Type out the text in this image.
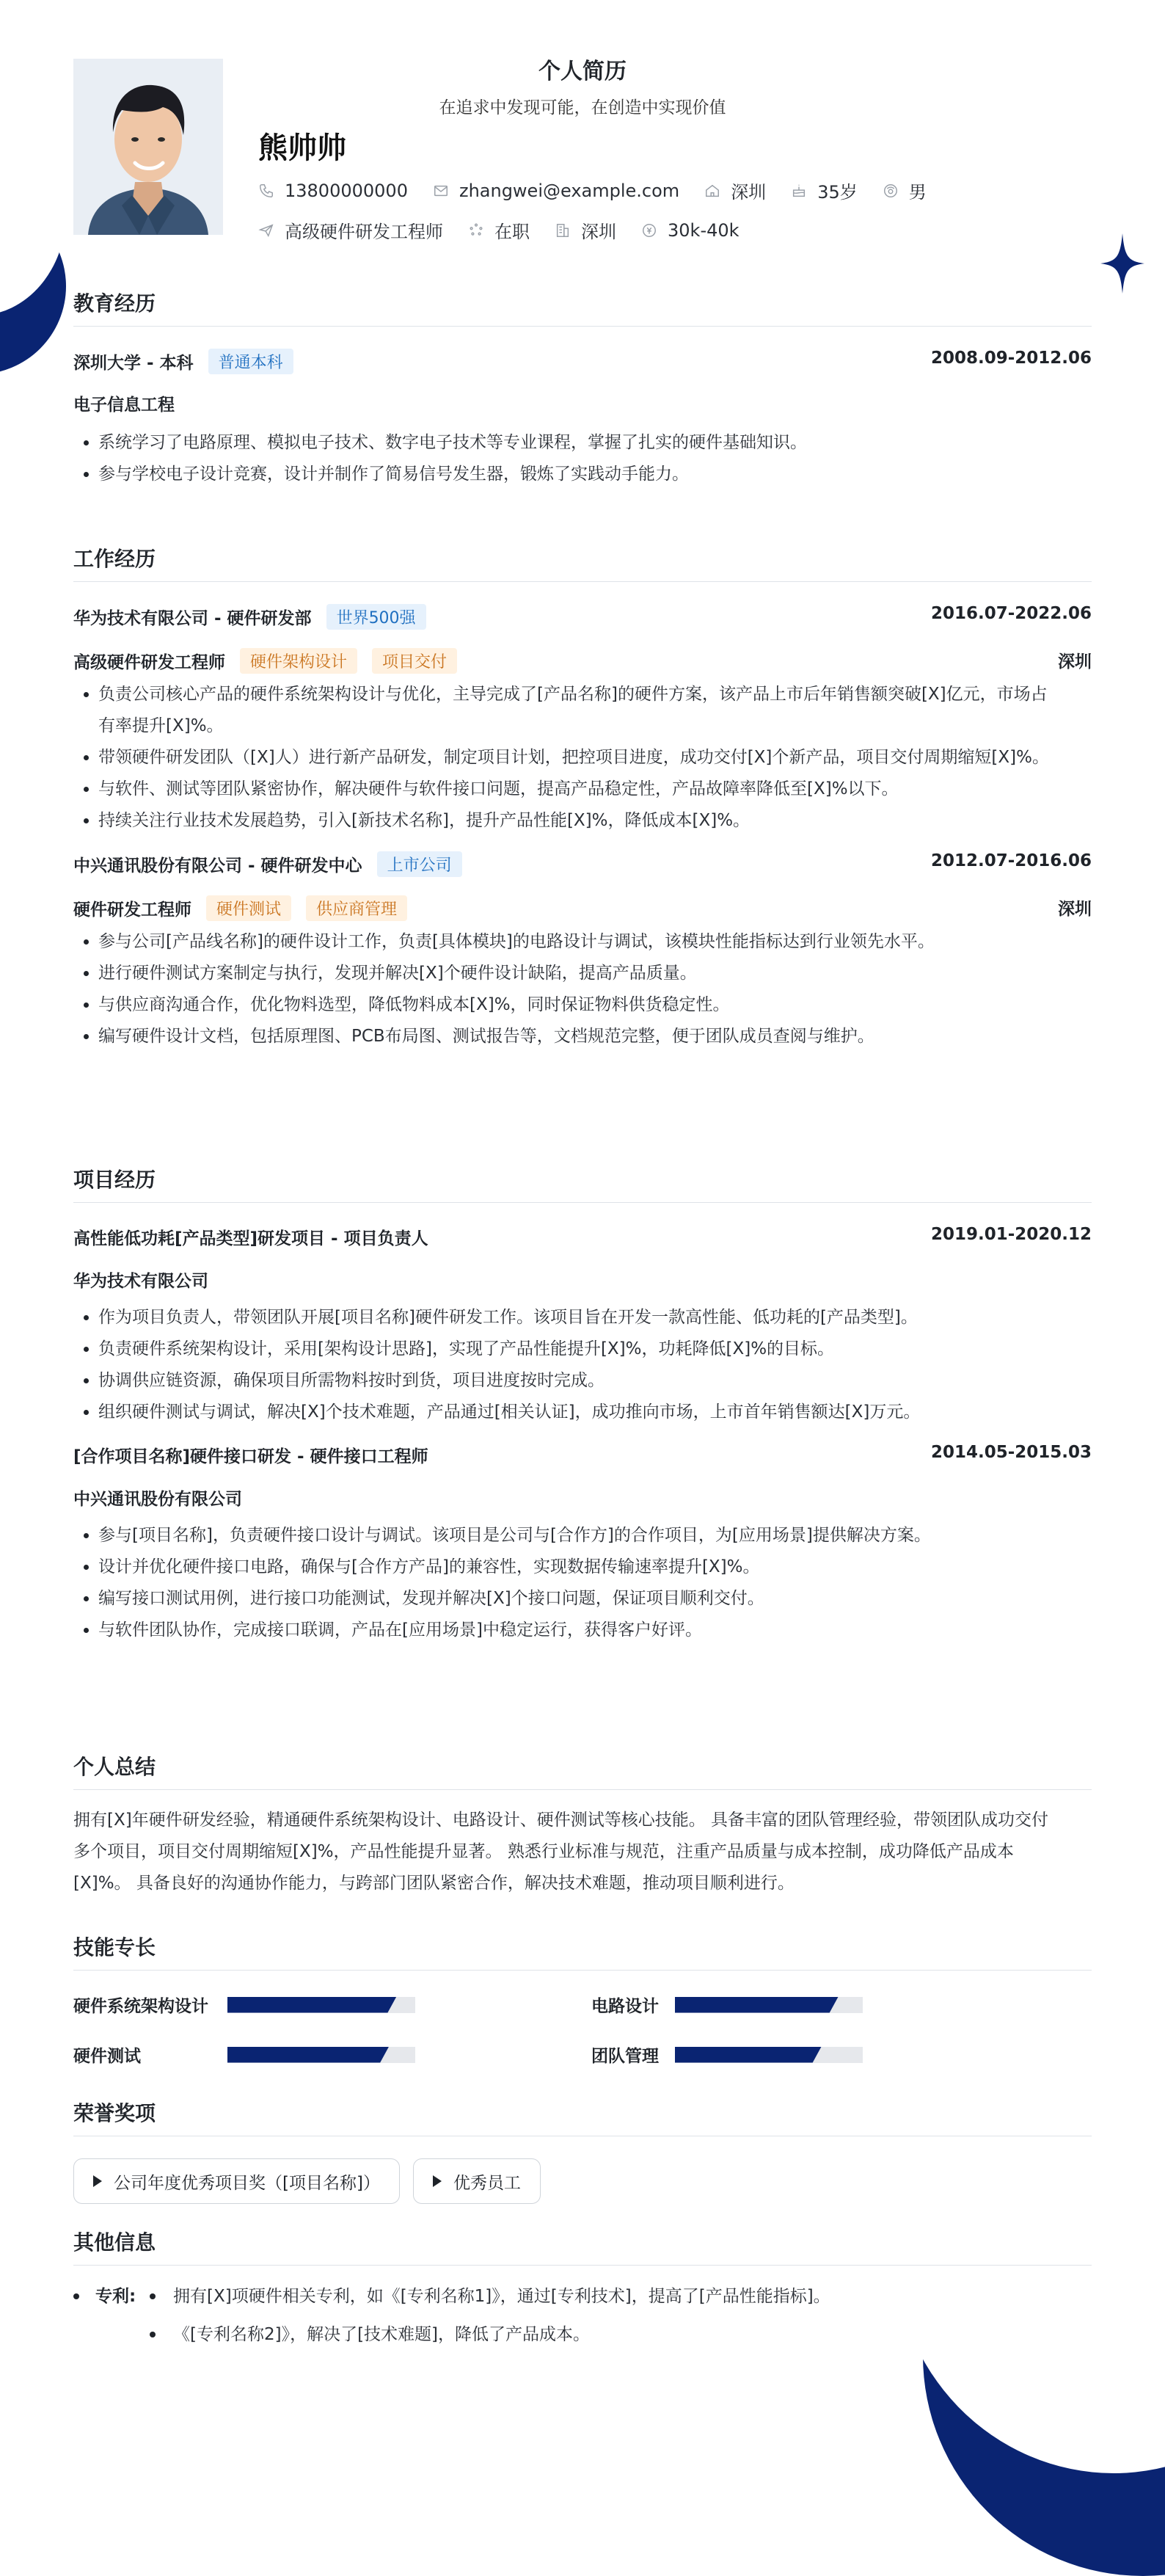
个人简历
在追求中发现可能，在创造中实现价值
熊帅帅
13800000000	zhangwei@example.com	深圳	35岁	男
高级硬件研发工程师	在职	深圳	30k-40k
教育经历
深圳大学 - 本科	普通本科	2008.09-2012.06
电子信息工程
• 系统学习了电路原理、模拟电子技术、数字电子技术等专业课程，掌握了扎实的硬件基础知识。
• 参与学校电子设计竞赛，设计并制作了简易信号发生器，锻炼了实践动手能力。
工作经历
华为技术有限公司 - 硬件研发部	世界500强	2016.07-2022.06
高级硬件研发工程师	硬件架构设计	项目交付	深圳
• 负责公司核心产品的硬件系统架构设计与优化，主导完成了[产品名称]的硬件方案，该产品上市后年销售额突破[X]亿元，市场占
有率提升[X]%。
• 带领硬件研发团队（[X]人）进行新产品研发，制定项目计划，把控项目进度，成功交付[X]个新产品，项目交付周期缩短[X]%。
• 与软件、测试等团队紧密协作，解决硬件与软件接口问题，提高产品稳定性，产品故障率降低至[X]%以下。
• 持续关注行业技术发展趋势，引入[新技术名称]，提升产品性能[X]%，降低成本[X]%。
中兴通讯股份有限公司 - 硬件研发中心	上市公司	2012.07-2016.06
硬件研发工程师	硬件测试	供应商管理	深圳
• 参与公司[产品线名称]的硬件设计工作，负责[具体模块]的电路设计与调试，该模块性能指标达到行业领先水平。
• 进行硬件测试方案制定与执行，发现并解决[X]个硬件设计缺陷，提高产品质量。
• 与供应商沟通合作，优化物料选型，降低物料成本[X]%，同时保证物料供货稳定性。
• 编写硬件设计文档，包括原理图、PCB布局图、测试报告等，文档规范完整，便于团队成员查阅与维护。
项目经历
高性能低功耗[产品类型]研发项目 - 项目负责人	2019.01-2020.12
华为技术有限公司
• 作为项目负责人，带领团队开展[项目名称]硬件研发工作。该项目旨在开发一款高性能、低功耗的[产品类型]。
• 负责硬件系统架构设计，采用[架构设计思路]，实现了产品性能提升[X]%，功耗降低[X]%的目标。
• 协调供应链资源，确保项目所需物料按时到货，项目进度按时完成。
• 组织硬件测试与调试，解决[X]个技术难题，产品通过[相关认证]，成功推向市场，上市首年销售额达[X]万元。
[合作项目名称]硬件接口研发 - 硬件接口工程师	2014.05-2015.03
中兴通讯股份有限公司
• 参与[项目名称]，负责硬件接口设计与调试。该项目是公司与[合作方]的合作项目，为[应用场景]提供解决方案。
• 设计并优化硬件接口电路，确保与[合作方产品]的兼容性，实现数据传输速率提升[X]%。
• 编写接口测试用例，进行接口功能测试，发现并解决[X]个接口问题，保证项目顺利交付。
• 与软件团队协作，完成接口联调，产品在[应用场景]中稳定运行，获得客户好评。
个人总结
拥有[X]年硬件研发经验，精通硬件系统架构设计、电路设计、硬件测试等核心技能。 具备丰富的团队管理经验，带领团队成功交付
多个项目，项目交付周期缩短[X]%，产品性能提升显著。 熟悉行业标准与规范，注重产品质量与成本控制，成功降低产品成本
[X]%。 具备良好的沟通协作能力，与跨部门团队紧密合作，解决技术难题，推动项目顺利进行。
技能专长
硬件系统架构设计	电路设计
硬件测试	团队管理
荣誉奖项
公司年度优秀项目奖（[项目名称]）	优秀员工
其他信息
专利: 拥有[X]项硬件相关专利，如《[专利名称1]》，通过[专利技术]，提高了[产品性能指标]。
《[专利名称2]》，解决了[技术难题]，降低了产品成本。
